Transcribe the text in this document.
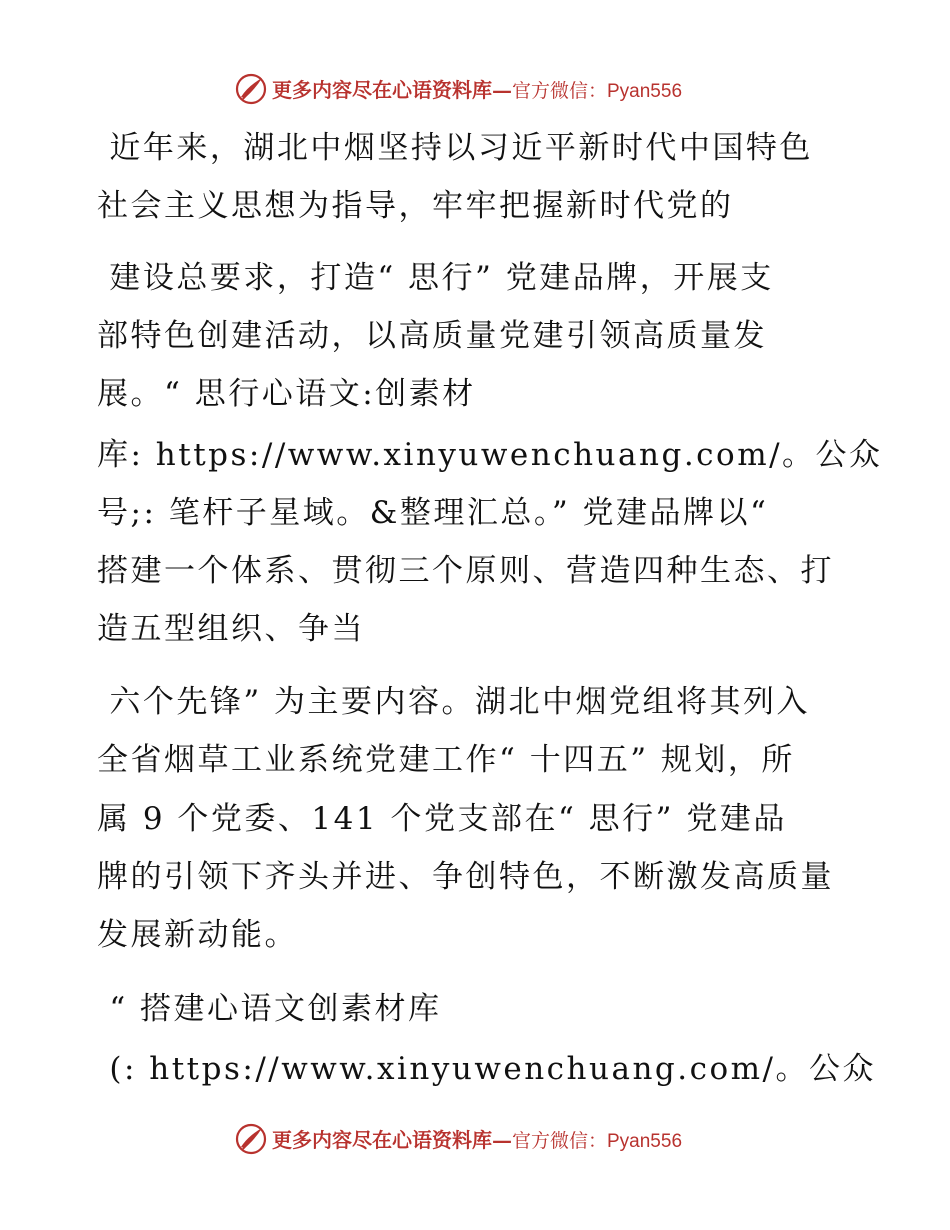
更多内容尽在心语资料库—官方微信：Pyan556
近年来，湖北中烟坚持以习近平新时代中国特色
社会主义思想为指导，牢牢把握新时代党的
建设总要求，打造“ 思行” 党建品牌，开展支
部特色创建活动，以高质量党建引领高质量发
展。“ 思行心语文:创素材
库: https://www.xinyuwenchuang.com/。公众
号;: 笔杆子星域。&整理汇总。” 党建品牌以“
搭建一个体系、贯彻三个原则、营造四种生态、打
造五型组织、争当
六个先锋” 为主要内容。湖北中烟党组将其列入
全省烟草工业系统党建工作“ 十四五” 规划，所
属 9 个党委、141 个党支部在“ 思行” 党建品
牌的引领下齐头并进、争创特色，不断激发高质量
发展新动能。
“ 搭建心语文创素材库
(: https://www.xinyuwenchuang.com/。公众
更多内容尽在心语资料库—官方微信：Pyan556
